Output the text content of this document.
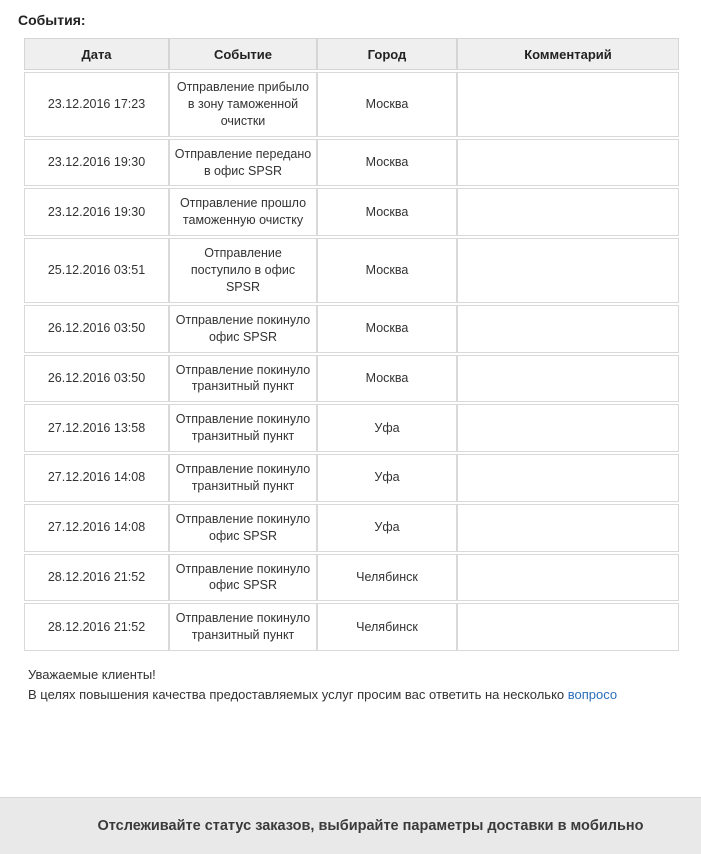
События:
Дата	Событие	Город	Комментарий
23.12.2016 17:23	Отправление прибыло в зону таможенной очистки	Москва	
23.12.2016 19:30	Отправление передано в офис SPSR	Москва	
23.12.2016 19:30	Отправление прошло таможенную очистку	Москва	
25.12.2016 03:51	Отправление поступило в офис SPSR	Москва	
26.12.2016 03:50	Отправление покинуло офис SPSR	Москва	
26.12.2016 03:50	Отправление покинуло транзитный пункт	Москва	
27.12.2016 13:58	Отправление покинуло транзитный пункт	Уфа	
27.12.2016 14:08	Отправление покинуло транзитный пункт	Уфа	
27.12.2016 14:08	Отправление покинуло офис SPSR	Уфа	
28.12.2016 21:52	Отправление покинуло офис SPSR	Челябинск	
28.12.2016 21:52	Отправление покинуло транзитный пункт	Челябинск	
Уважаемые клиенты!
В целях повышения качества предоставляемых услуг просим вас ответить на несколько вопросо
Отслеживайте статус заказов, выбирайте параметры доставки в мобильно
